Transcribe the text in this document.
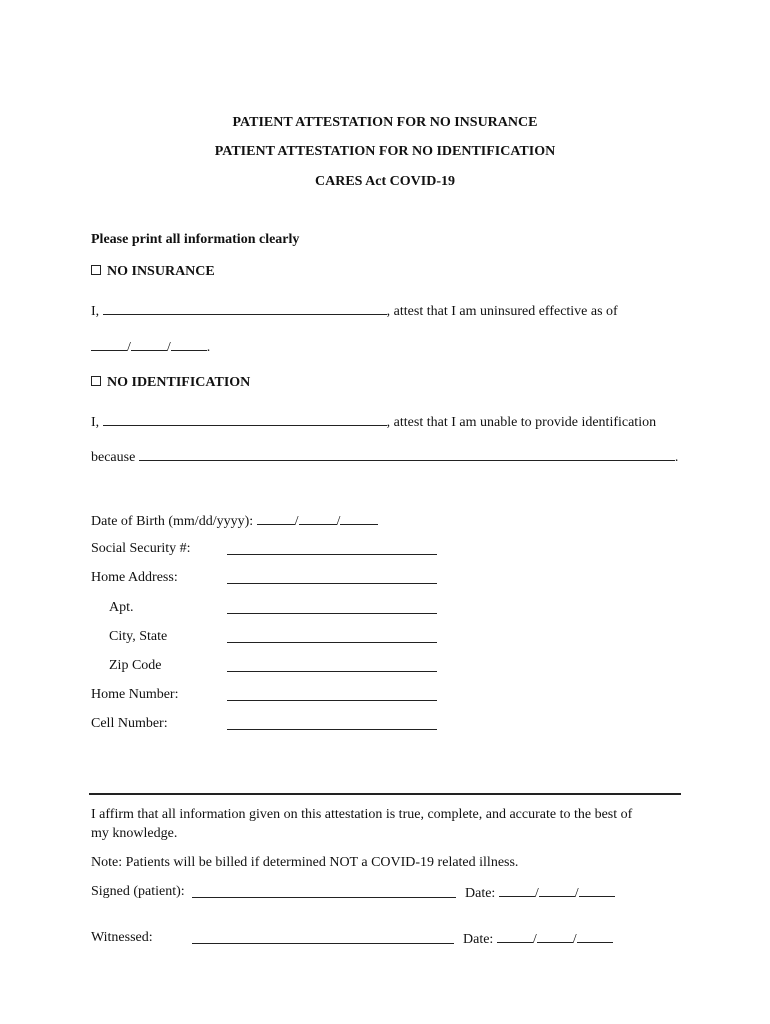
PATIENT ATTESTATION FOR NO INSURANCE
PATIENT ATTESTATION FOR NO IDENTIFICATION
CARES Act COVID-19
Please print all information clearly
NO INSURANCE
I,	, attest that I am uninsured effective as of
/	/	.
NO IDENTIFICATION
I,	, attest that I am unable to provide identification
because	.
Date of Birth (mm/dd/yyyy):	/	/
Social Security #:
Home Address:
Apt.
City, State
Zip Code
Home Number:
Cell Number:
I affirm that all information given on this attestation is true, complete, and accurate to the best of
my knowledge.
Note: Patients will be billed if determined NOT a COVID-19 related illness.
Signed (patient):	Date:	/	/
Witnessed:	Date:	/	/
